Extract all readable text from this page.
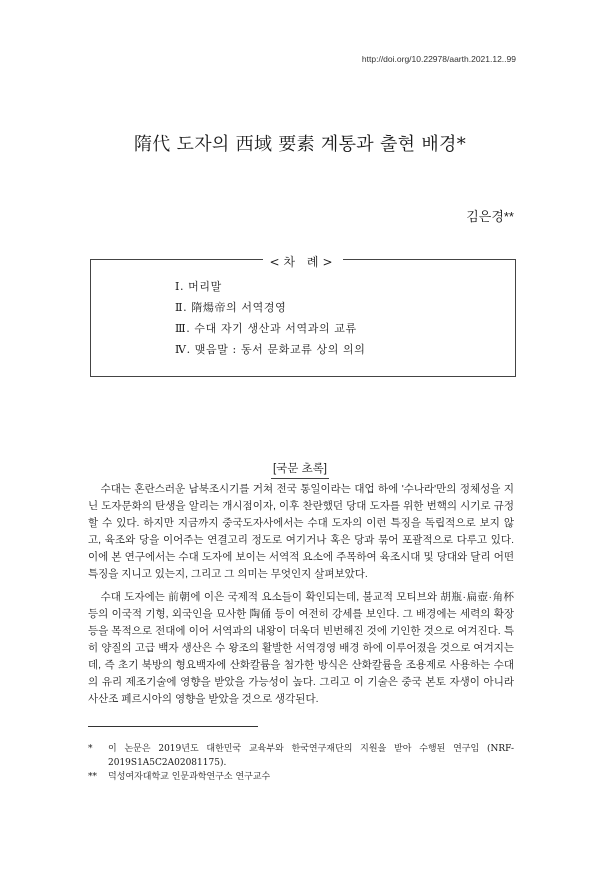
http://doi.org/10.22978/aarth.2021.12..99
隋代 도자의 西域 要素 계통과 출현 배경*
김은경**
<차 례>
Ⅰ. 머리말
Ⅱ. 隋煬帝의 서역경영
Ⅲ. 수대 자기 생산과 서역과의 교류
Ⅳ. 맺음말 : 동서 문화교류 상의 의의
[국문 초록]

수대는 혼란스러운 남북조시기를 거쳐 전국 통일이라는 대업 하에 '수나라'만의 정체성을 지닌 도자문화의 탄생을 알리는 개시점이자, 이후 찬란했던 당대 도자를 위한 번핵의 시기로 규정할 수 있다. 하지만 지금까지 중국도자사에서는 수대 도자의 이런 특징을 독립적으로 보지 않고, 육조와 당을 이어주는 연결고리 정도로 여기거나 혹은 당과 묶어 포괄적으로 다루고 있다. 이에 본 연구에서는 수대 도자에 보이는 서역적 요소에 주목하여 육조시대 및 당대와 달리 어떤 특징을 지니고 있는지, 그리고 그 의미는 무엇인지 살펴보았다.

수대 도자에는 前朝에 이은 국제적 요소들이 확인되는데, 불교적 모티브와 胡瓶·扁壺·角杯 등의 이국적 기형, 외국인을 묘사한 陶俑 등이 여전히 강세를 보인다. 그 배경에는 세력의 확장 등을 목적으로 전대에 이어 서역과의 내왕이 더욱더 빈번해진 것에 기인한 것으로 여겨진다. 특히 양질의 고급 백자 생산은 수 왕조의 활발한 서역경영 배경 하에 이루어졌을 것으로 여겨지는데, 즉 초기 북방의 형요백자에 산화칼륨을 첨가한 방식은 산화칼륨을 조용제로 사용하는 수대의 유리 제조기술에 영향을 받았을 가능성이 높다. 그리고 이 기술은 중국 본토 자생이 아니라 사산조 페르시아의 영향을 받았을 것으로 생각된다.

*	이 논문은 2019년도 대한민국 교육부와 한국연구재단의 지원을 받아 수행된 연구임 (NRF-2019S1A5C2A02081175).
**	덕성여자대학교 인문과학연구소 연구교수
